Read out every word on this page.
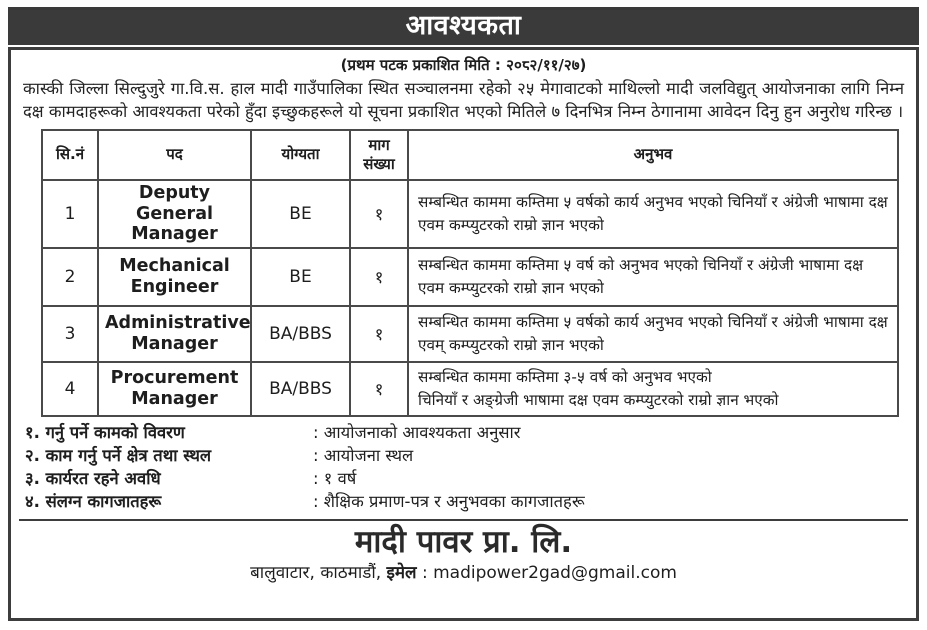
आवश्यकता
(प्रथम पटक प्रकाशित मिति : २०८२/११/२७)

कास्की जिल्ला सिल्दुजुरे गा.वि.स. हाल मादी गाउँपालिका स्थित सञ्चालनमा रहेको २५ मेगावाटको माथिल्लो मादी जलविद्युत् आयोजनाका लागि निम्न दक्ष कामदाहरूको आवश्यकता परेको हुँदा इच्छुकहरूले यो सूचना प्रकाशित भएको मितिले ७ दिनभित्र निम्न ठेगानामा आवेदन दिनु हुन अनुरोध गरिन्छ ।

सि.नं	पद	योग्यता	माग संख्या	अनुभव
1	Deputy General Manager	BE	१	सम्बन्धित काममा कम्तिमा ५ वर्षको कार्य अनुभव भएको चिनियाँ र अंग्रेजी भाषामा दक्ष एवम कम्प्युटरको राम्रो ज्ञान भएको
2	Mechanical Engineer	BE	१	सम्बन्धित काममा कम्तिमा ५ वर्ष को अनुभव भएको चिनियाँ र अंग्रेजी भाषामा दक्ष एवम कम्प्युटरको राम्रो ज्ञान भएको
3	Administrative Manager	BA/BBS	१	सम्बन्धित काममा कम्तिमा ५ वर्षको कार्य अनुभव भएको चिनियाँ र अंग्रेजी भाषामा दक्ष एवम् कम्प्युटरको राम्रो ज्ञान भएको
4	Procurement Manager	BA/BBS	१	सम्बन्धित काममा कम्तिमा ३-५ वर्ष को अनुभव भएको
चिनियाँ र अङ्ग्रेजी भाषामा दक्ष एवम कम्प्युटरको राम्रो ज्ञान भएको
१. गर्नु पर्ने कामको विवरण	: आयोजनाको आवश्यकता अनुसार
२. काम गर्नु पर्ने क्षेत्र तथा स्थल	: आयोजना स्थल
३. कार्यरत रहने अवधि	: १ वर्ष
४. संलग्न कागजातहरू	: शैक्षिक प्रमाण-पत्र र अनुभवका कागजातहरू
मादी पावर प्रा. लि.
बालुवाटार, काठमाडौं, इमेल : madipower2gad@gmail.com
